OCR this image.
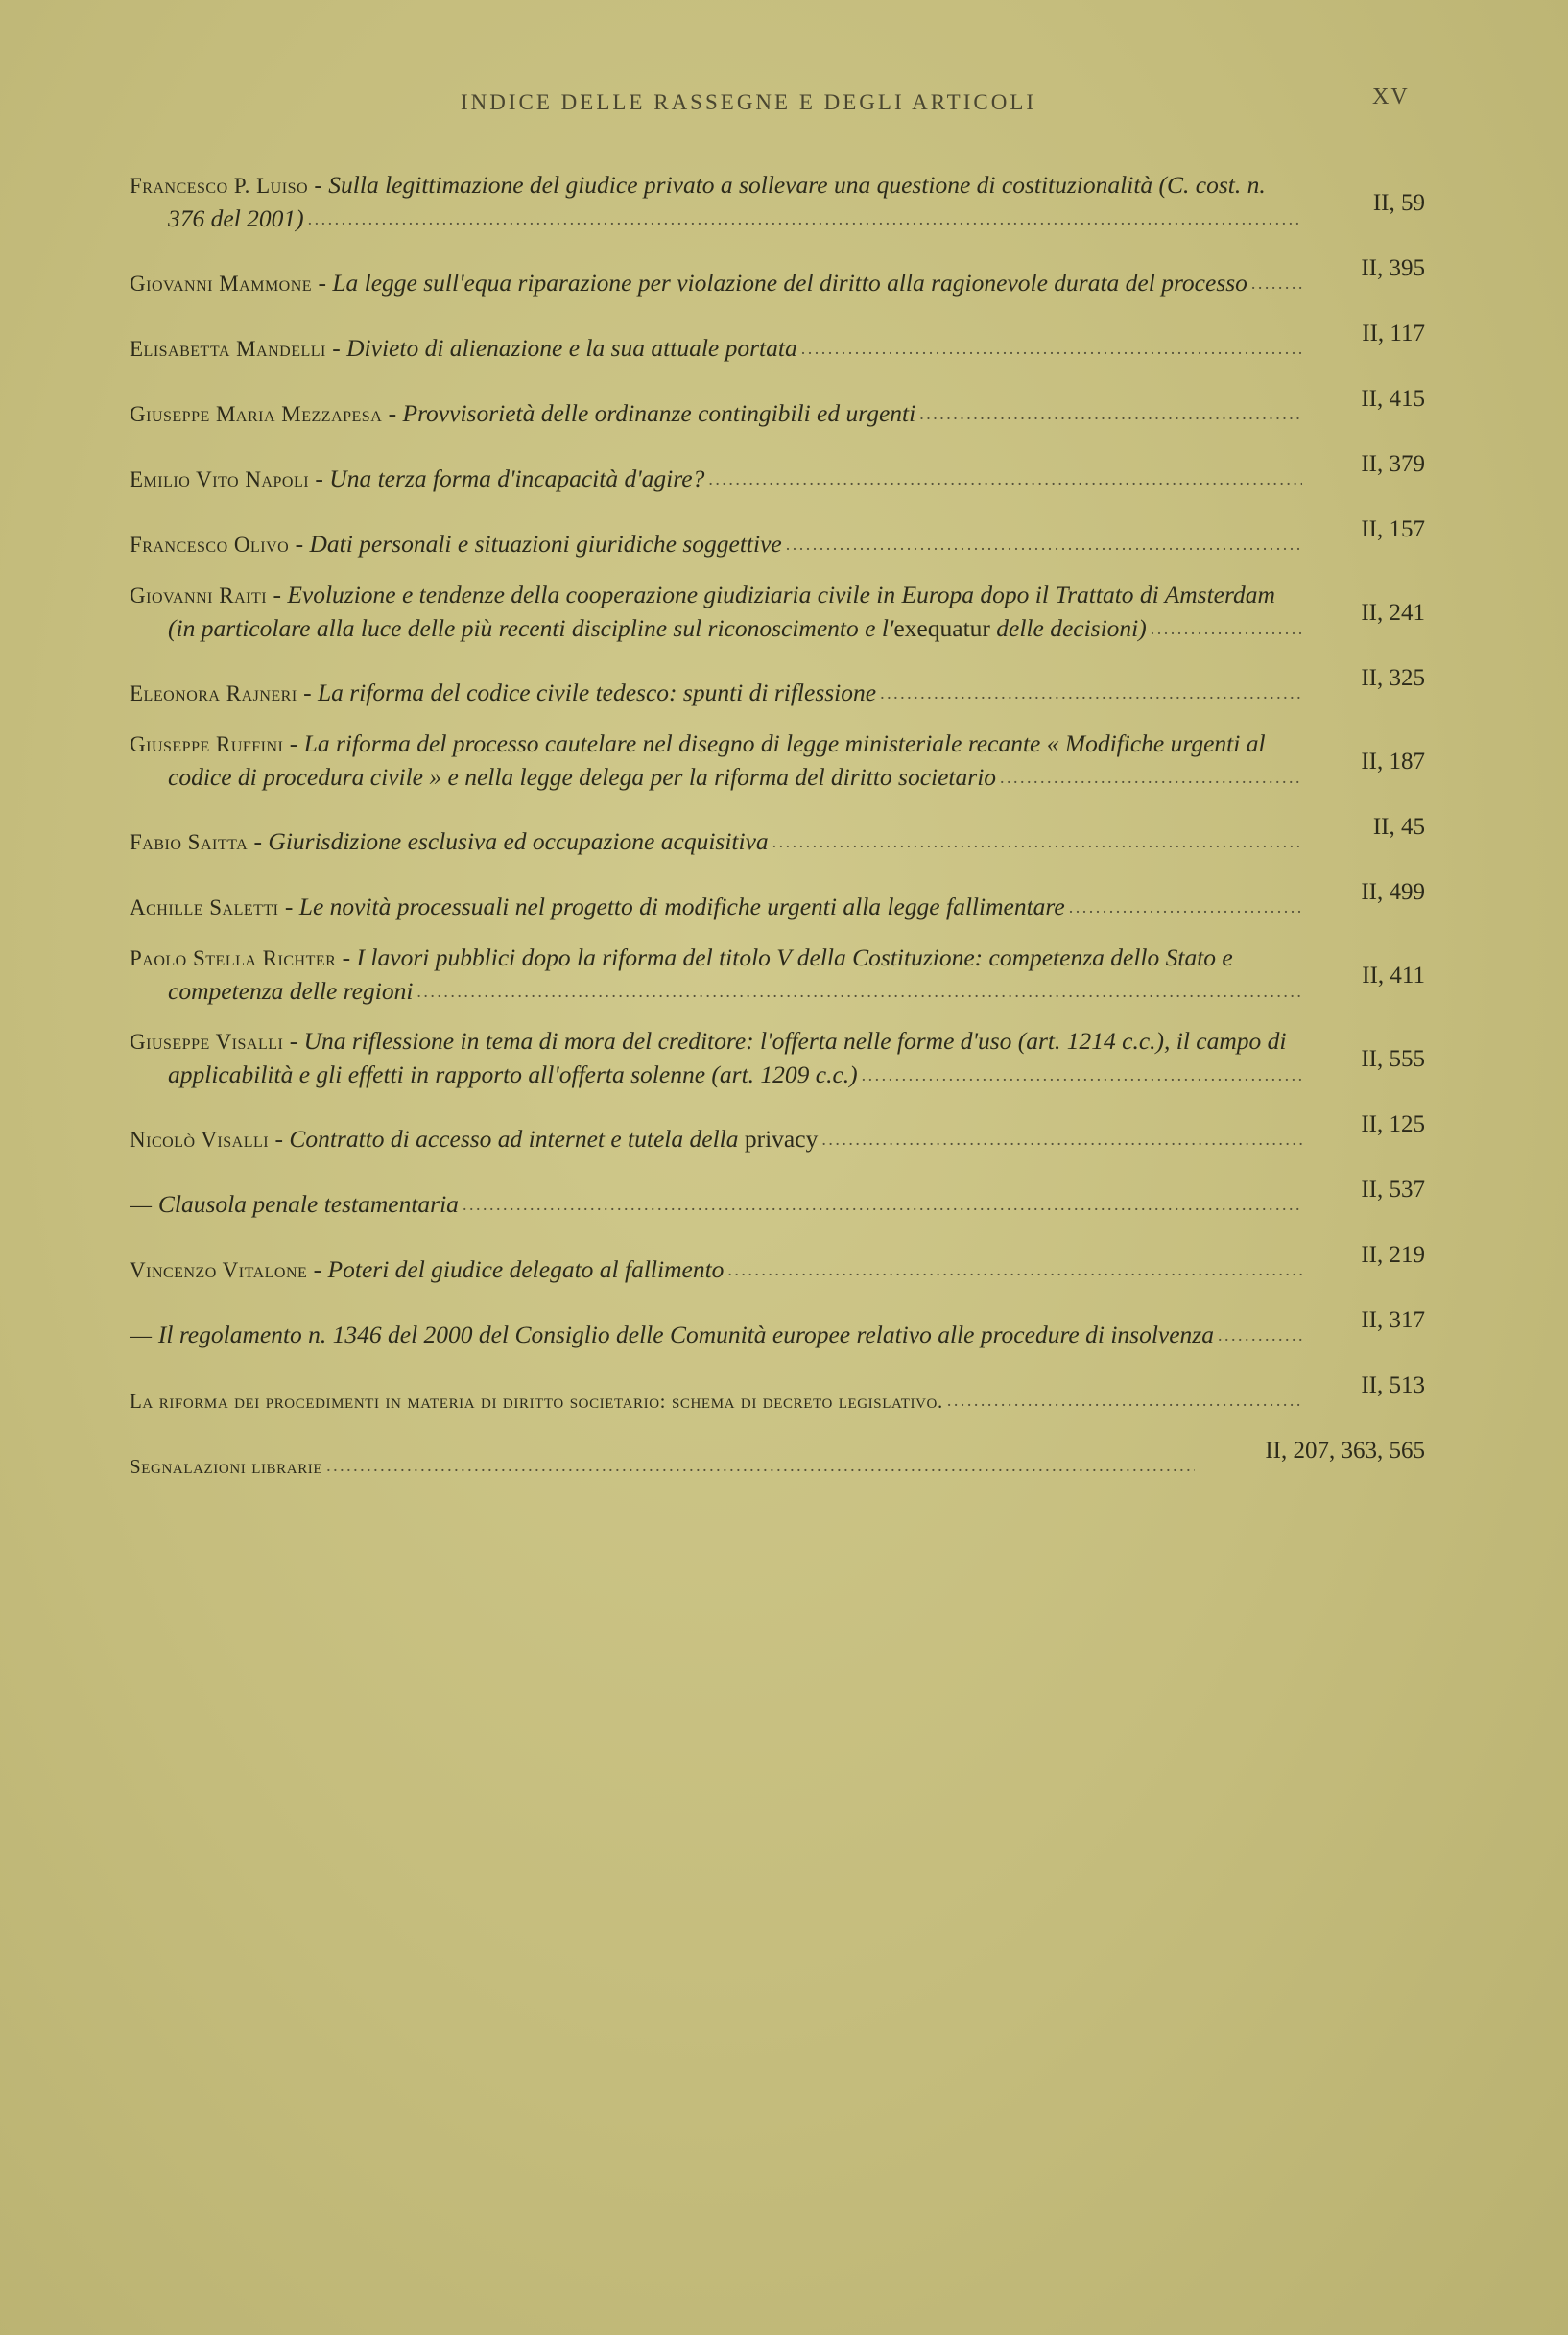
INDICE DELLE RASSEGNE E DEGLI ARTICOLI	XV
Francesco P. Luiso - Sulla legittimazione del giudice privato a sollevare una questione di costituzionalità (C. cost. n. 376 del 2001) . . .
II, 59
Giovanni Mammone - La legge sull'equa riparazione per violazione del diritto alla ragionevole durata del processo . . .
II, 395
Elisabetta Mandelli - Divieto di alienazione e la sua attuale portata . . .
II, 117
Giuseppe Maria Mezzapesa - Provvisorietà delle ordinanze contingibili ed urgenti . . .
II, 415
Emilio Vito Napoli - Una terza forma d'incapacità d'agire? . . .
II, 379
Francesco Olivo - Dati personali e situazioni giuridiche soggettive . . .
II, 157
Giovanni Raiti - Evoluzione e tendenze della cooperazione giudiziaria civile in Europa dopo il Trattato di Amsterdam (in particolare alla luce delle più recenti discipline sul riconoscimento e l'exequatur delle decisioni) . . .
II, 241
Eleonora Rajneri - La riforma del codice civile tedesco: spunti di riflessione . . .
II, 325
Giuseppe Ruffini - La riforma del processo cautelare nel disegno di legge ministeriale recante « Modifiche urgenti al codice di procedura civile » e nella legge delega per la riforma del diritto societario . . .
II, 187
Fabio Saitta - Giurisdizione esclusiva ed occupazione acquisitiva . . .
II, 45
Achille Saletti - Le novità processuali nel progetto di modifiche urgenti alla legge fallimentare . . .
II, 499
Paolo Stella Richter - I lavori pubblici dopo la riforma del titolo V della Costituzione: competenza dello Stato e competenza delle regioni . . .
II, 411
Giuseppe Visalli - Una riflessione in tema di mora del creditore: l'offerta nelle forme d'uso (art. 1214 c.c.), il campo di applicabilità e gli effetti in rapporto all'offerta solenne (art. 1209 c.c.) . . .
II, 555
Nicolò Visalli - Contratto di accesso ad internet e tutela della privacy . . .
II, 125
— Clausola penale testamentaria . . .
II, 537
Vincenzo Vitalone - Poteri del giudice delegato al fallimento . . .
II, 219
— Il regolamento n. 1346 del 2000 del Consiglio delle Comunità europee relativo alle procedure di insolvenza . . .
II, 317
La riforma dei procedimenti in materia di diritto societario: schema di decreto legislativo. . . .
II, 513
Segnalazioni librarie . . .
II, 207, 363, 565
